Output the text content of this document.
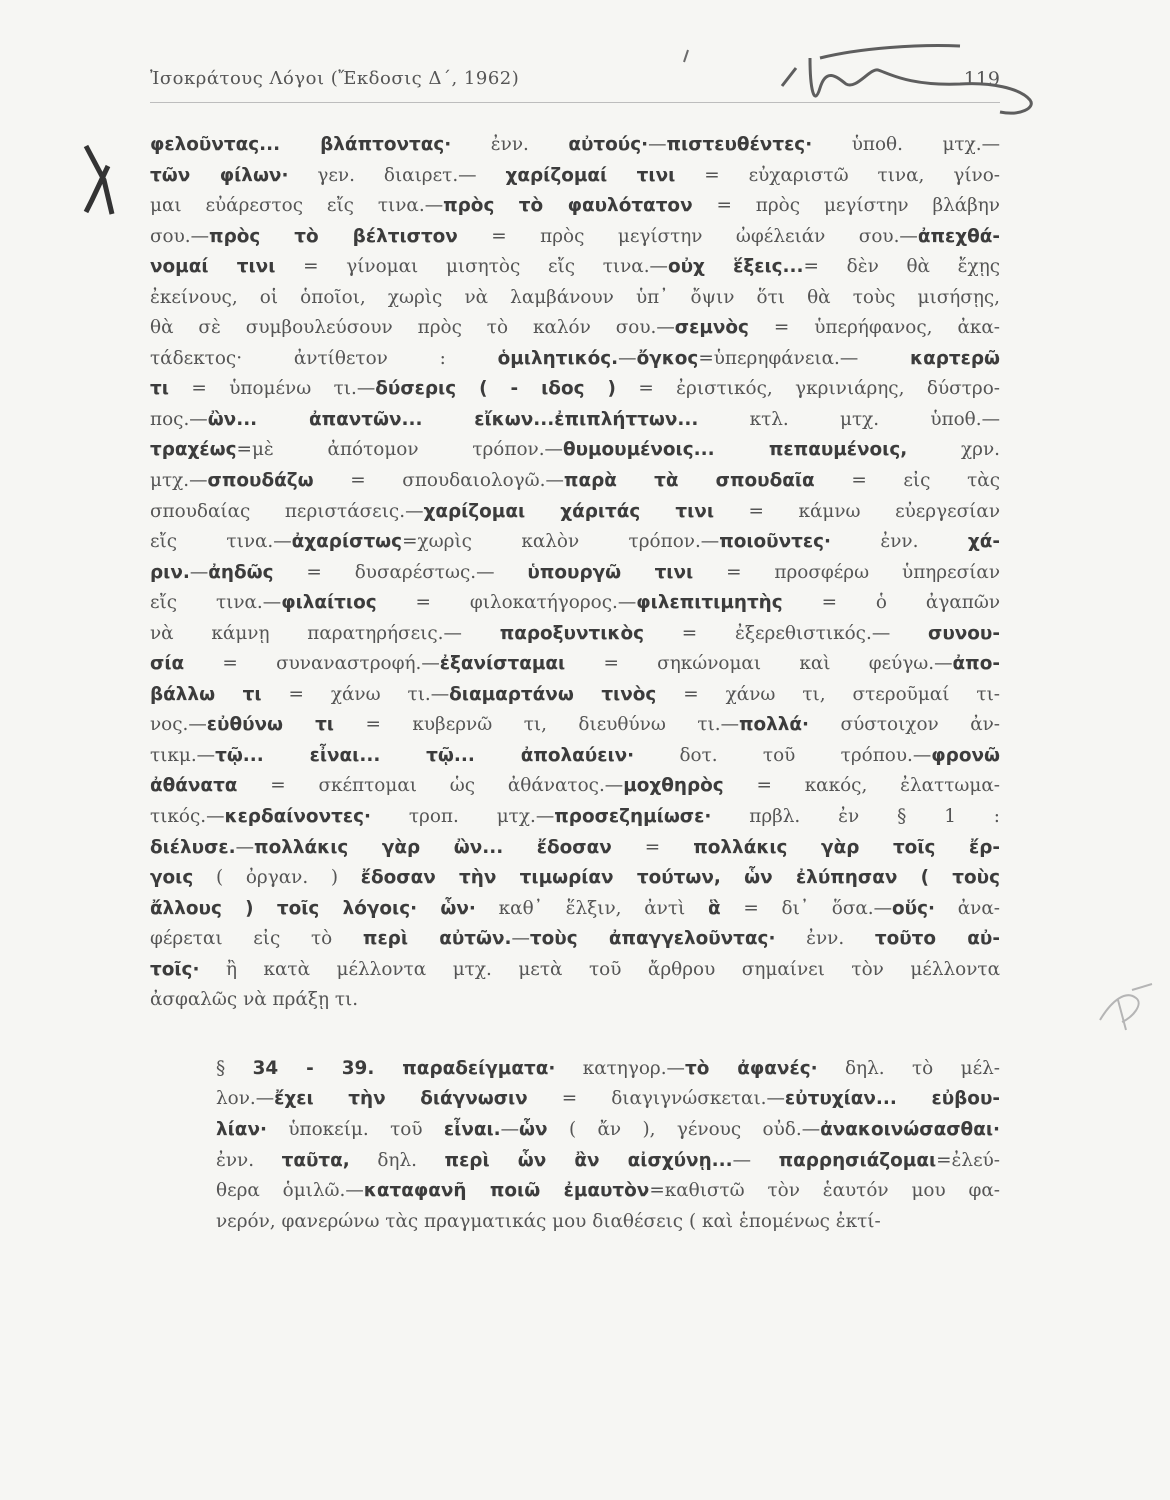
Ἰσοκράτους Λόγοι (Ἔκδοσις Δ΄, 1962)	119
φελοῦντας... βλάπτοντας· ἐνν. αὐτούς·—πιστευθέντες· ὑποθ. μτχ.—
τῶν φίλων· γεν. διαιρετ.— χαρίζομαί τινι = εὐχαριστῶ τινα, γίνο-
μαι εὐάρεστος εἴς τινα.—πρὸς τὸ φαυλότατον = πρὸς μεγίστην βλάβην
σου.—πρὸς τὸ βέλτιστον = πρὸς μεγίστην ὠφέλειάν σου.—ἀπεχθά-
νομαί τινι = γίνομαι μισητὸς εἴς τινα.—οὐχ ἕξεις...= δὲν θὰ ἔχῃς
ἐκείνους, οἱ ὁποῖοι, χωρὶς νὰ λαμβάνουν ὑπ᾿ ὄψιν ὅτι θὰ τοὺς μισήσῃς,
θὰ σὲ συμβουλεύσουν πρὸς τὸ καλόν σου.—σεμνὸς = ὑπερήφανος, ἀκα-
τάδεκτος· ἀντίθετον : ὁμιλητικός.—ὄγκος=ὑπερηφάνεια.— καρτερῶ
τι = ὑπομένω τι.—δύσερις ( - ιδος ) = ἐριστικός, γκρινιάρης, δύστρο-
πος.—ὢν... ἀπαντῶν... εἴκων...ἐπιπλήττων... κτλ. μτχ. ὑποθ.—
τραχέως=μὲ ἀπότομον τρόπον.—θυμουμένοις... πεπαυμένοις, χρν.
μτχ.—σπουδάζω = σπουδαιολογῶ.—παρὰ τὰ σπουδαῖα = εἰς τὰς
σπουδαίας περιστάσεις.—χαρίζομαι χάριτάς τινι = κάμνω εὐεργεσίαν
εἴς τινα.—ἀχαρίστως=χωρὶς καλὸν τρόπον.—ποιοῦντες· ἐνν. χά-
ριν.—ἀηδῶς = δυσαρέστως.— ὑπουργῶ τινι = προσφέρω ὑπηρεσίαν
εἴς τινα.—φιλαίτιος = φιλοκατήγορος.—φιλεπιτιμητὴς = ὁ ἀγαπῶν
νὰ κάμνῃ παρατηρήσεις.— παροξυντικὸς = ἐξερεθιστικός.— συνου-
σία = συναναστροφή.—ἐξανίσταμαι = σηκώνομαι καὶ φεύγω.—ἀπο-
βάλλω τι = χάνω τι.—διαμαρτάνω τινὸς = χάνω τι, στεροῦμαί τι-
νος.—εὐθύνω τι = κυβερνῶ τι, διευθύνω τι.—πολλά· σύστοιχον ἀν-
τικμ.—τῷ... εἶναι... τῷ... ἀπολαύειν· δοτ. τοῦ τρόπου.—φρονῶ
ἀθάνατα = σκέπτομαι ὡς ἀθάνατος.—μοχθηρὸς = κακός, ἐλαττωμα-
τικός.—κερδαίνοντες· τροπ. μτχ.—προσεζημίωσε· πρβλ. ἐν § 1 :
διέλυσε.—πολλάκις γὰρ ὢν... ἔδοσαν = πολλάκις γὰρ τοῖς ἔρ-
γοις ( ὀργαν. ) ἔδοσαν τὴν τιμωρίαν τούτων, ὧν ἐλύπησαν ( τοὺς
ἄλλους ) τοῖς λόγοις· ὧν· καθ᾿ ἕλξιν, ἀντὶ ἃ = δι᾿ ὅσα.—οὕς· ἀνα-
φέρεται εἰς τὸ περὶ αὐτῶν.—τοὺς ἀπαγγελοῦντας· ἐνν. τοῦτο αὐ-
τοῖς· ἢ κατὰ μέλλοντα μτχ. μετὰ τοῦ ἄρθρου σημαίνει τὸν μέλλοντα
ἀσφαλῶς νὰ πράξῃ τι.
§ 34 - 39. παραδείγματα· κατηγορ.—τὸ ἀφανές· δηλ. τὸ μέλ-
λον.—ἔχει τὴν διάγνωσιν = διαγιγνώσκεται.—εὐτυχίαν... εὐβου-
λίαν· ὑποκείμ. τοῦ εἶναι.—ὧν ( ἄν ), γένους οὐδ.—ἀνακοινώσασθαι·
ἐνν. ταῦτα, δηλ. περὶ ὧν ἂν αἰσχύνῃ...— παρρησιάζομαι=ἐλεύ-
θερα ὁμιλῶ.—καταφανῆ ποιῶ ἐμαυτὸν=καθιστῶ τὸν ἑαυτόν μου φα-
νερόν, φανερώνω τὰς πραγματικάς μου διαθέσεις ( καὶ ἑπομένως ἐκτί-
